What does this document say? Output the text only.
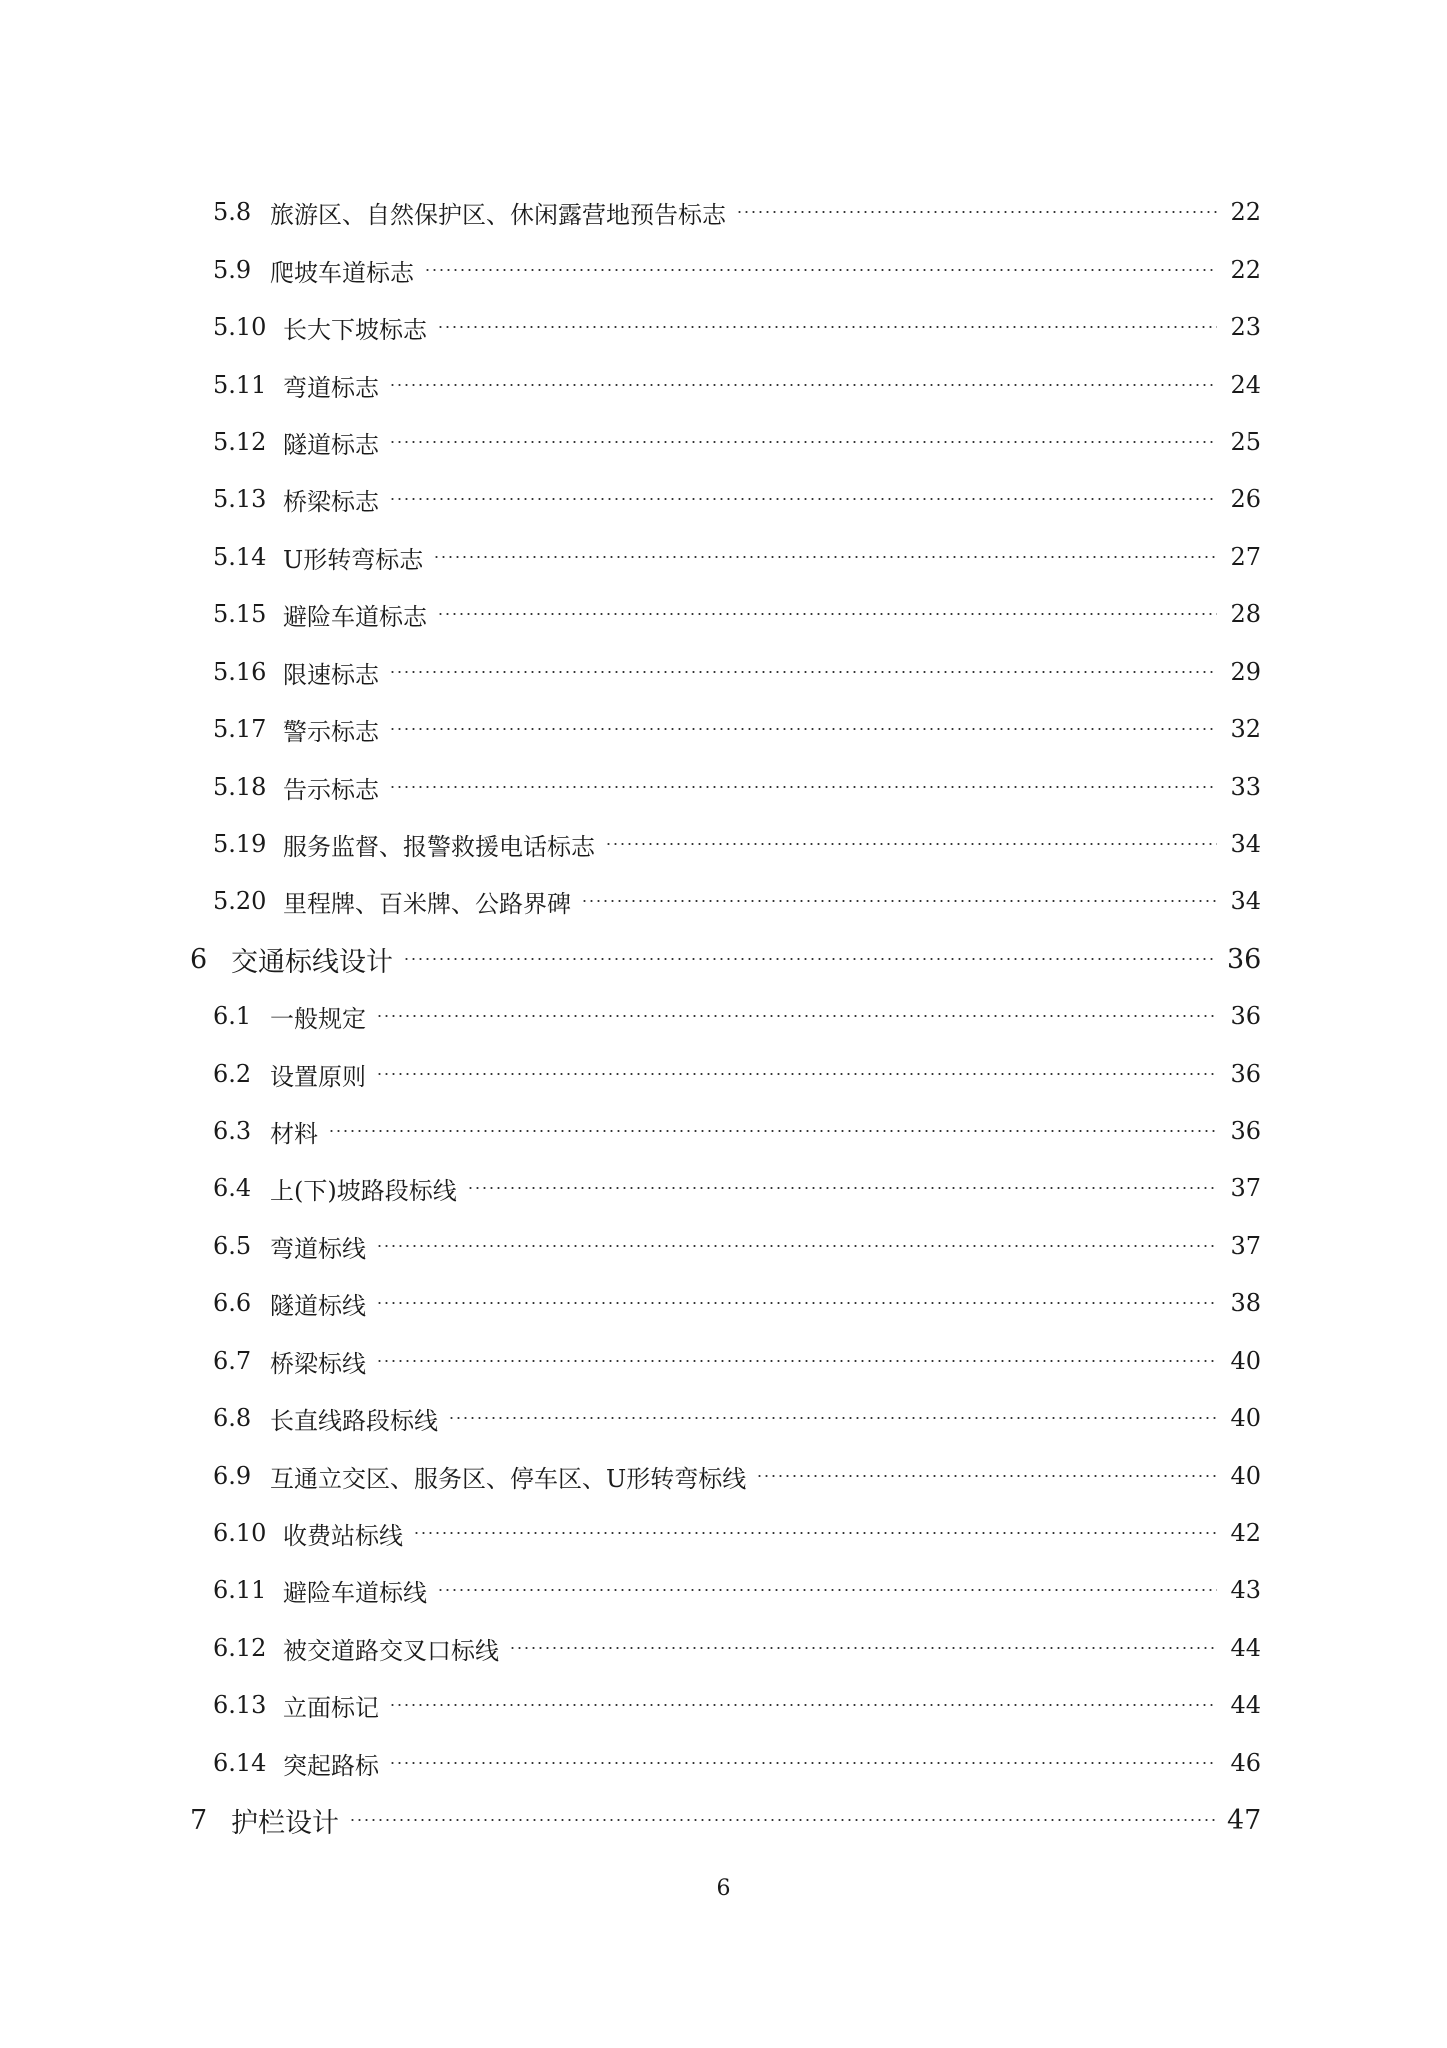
5.8 旅游区、自然保护区、休闲露营地预告标志	22
5.9 爬坡车道标志	22
5.10 长大下坡标志	23
5.11 弯道标志	24
5.12 隧道标志	25
5.13 桥梁标志	26
5.14 U形转弯标志	27
5.15 避险车道标志	28
5.16 限速标志	29
5.17 警示标志	32
5.18 告示标志	33
5.19 服务监督、报警救援电话标志	34
5.20 里程牌、百米牌、公路界碑	34
6 交通标线设计	36
6.1 一般规定	36
6.2 设置原则	36
6.3 材料	36
6.4 上(下)坡路段标线	37
6.5 弯道标线	37
6.6 隧道标线	38
6.7 桥梁标线	40
6.8 长直线路段标线	40
6.9 互通立交区、服务区、停车区、U形转弯标线	40
6.10 收费站标线	42
6.11 避险车道标线	43
6.12 被交道路交叉口标线	44
6.13 立面标记	44
6.14 突起路标	46
7 护栏设计	47
6
